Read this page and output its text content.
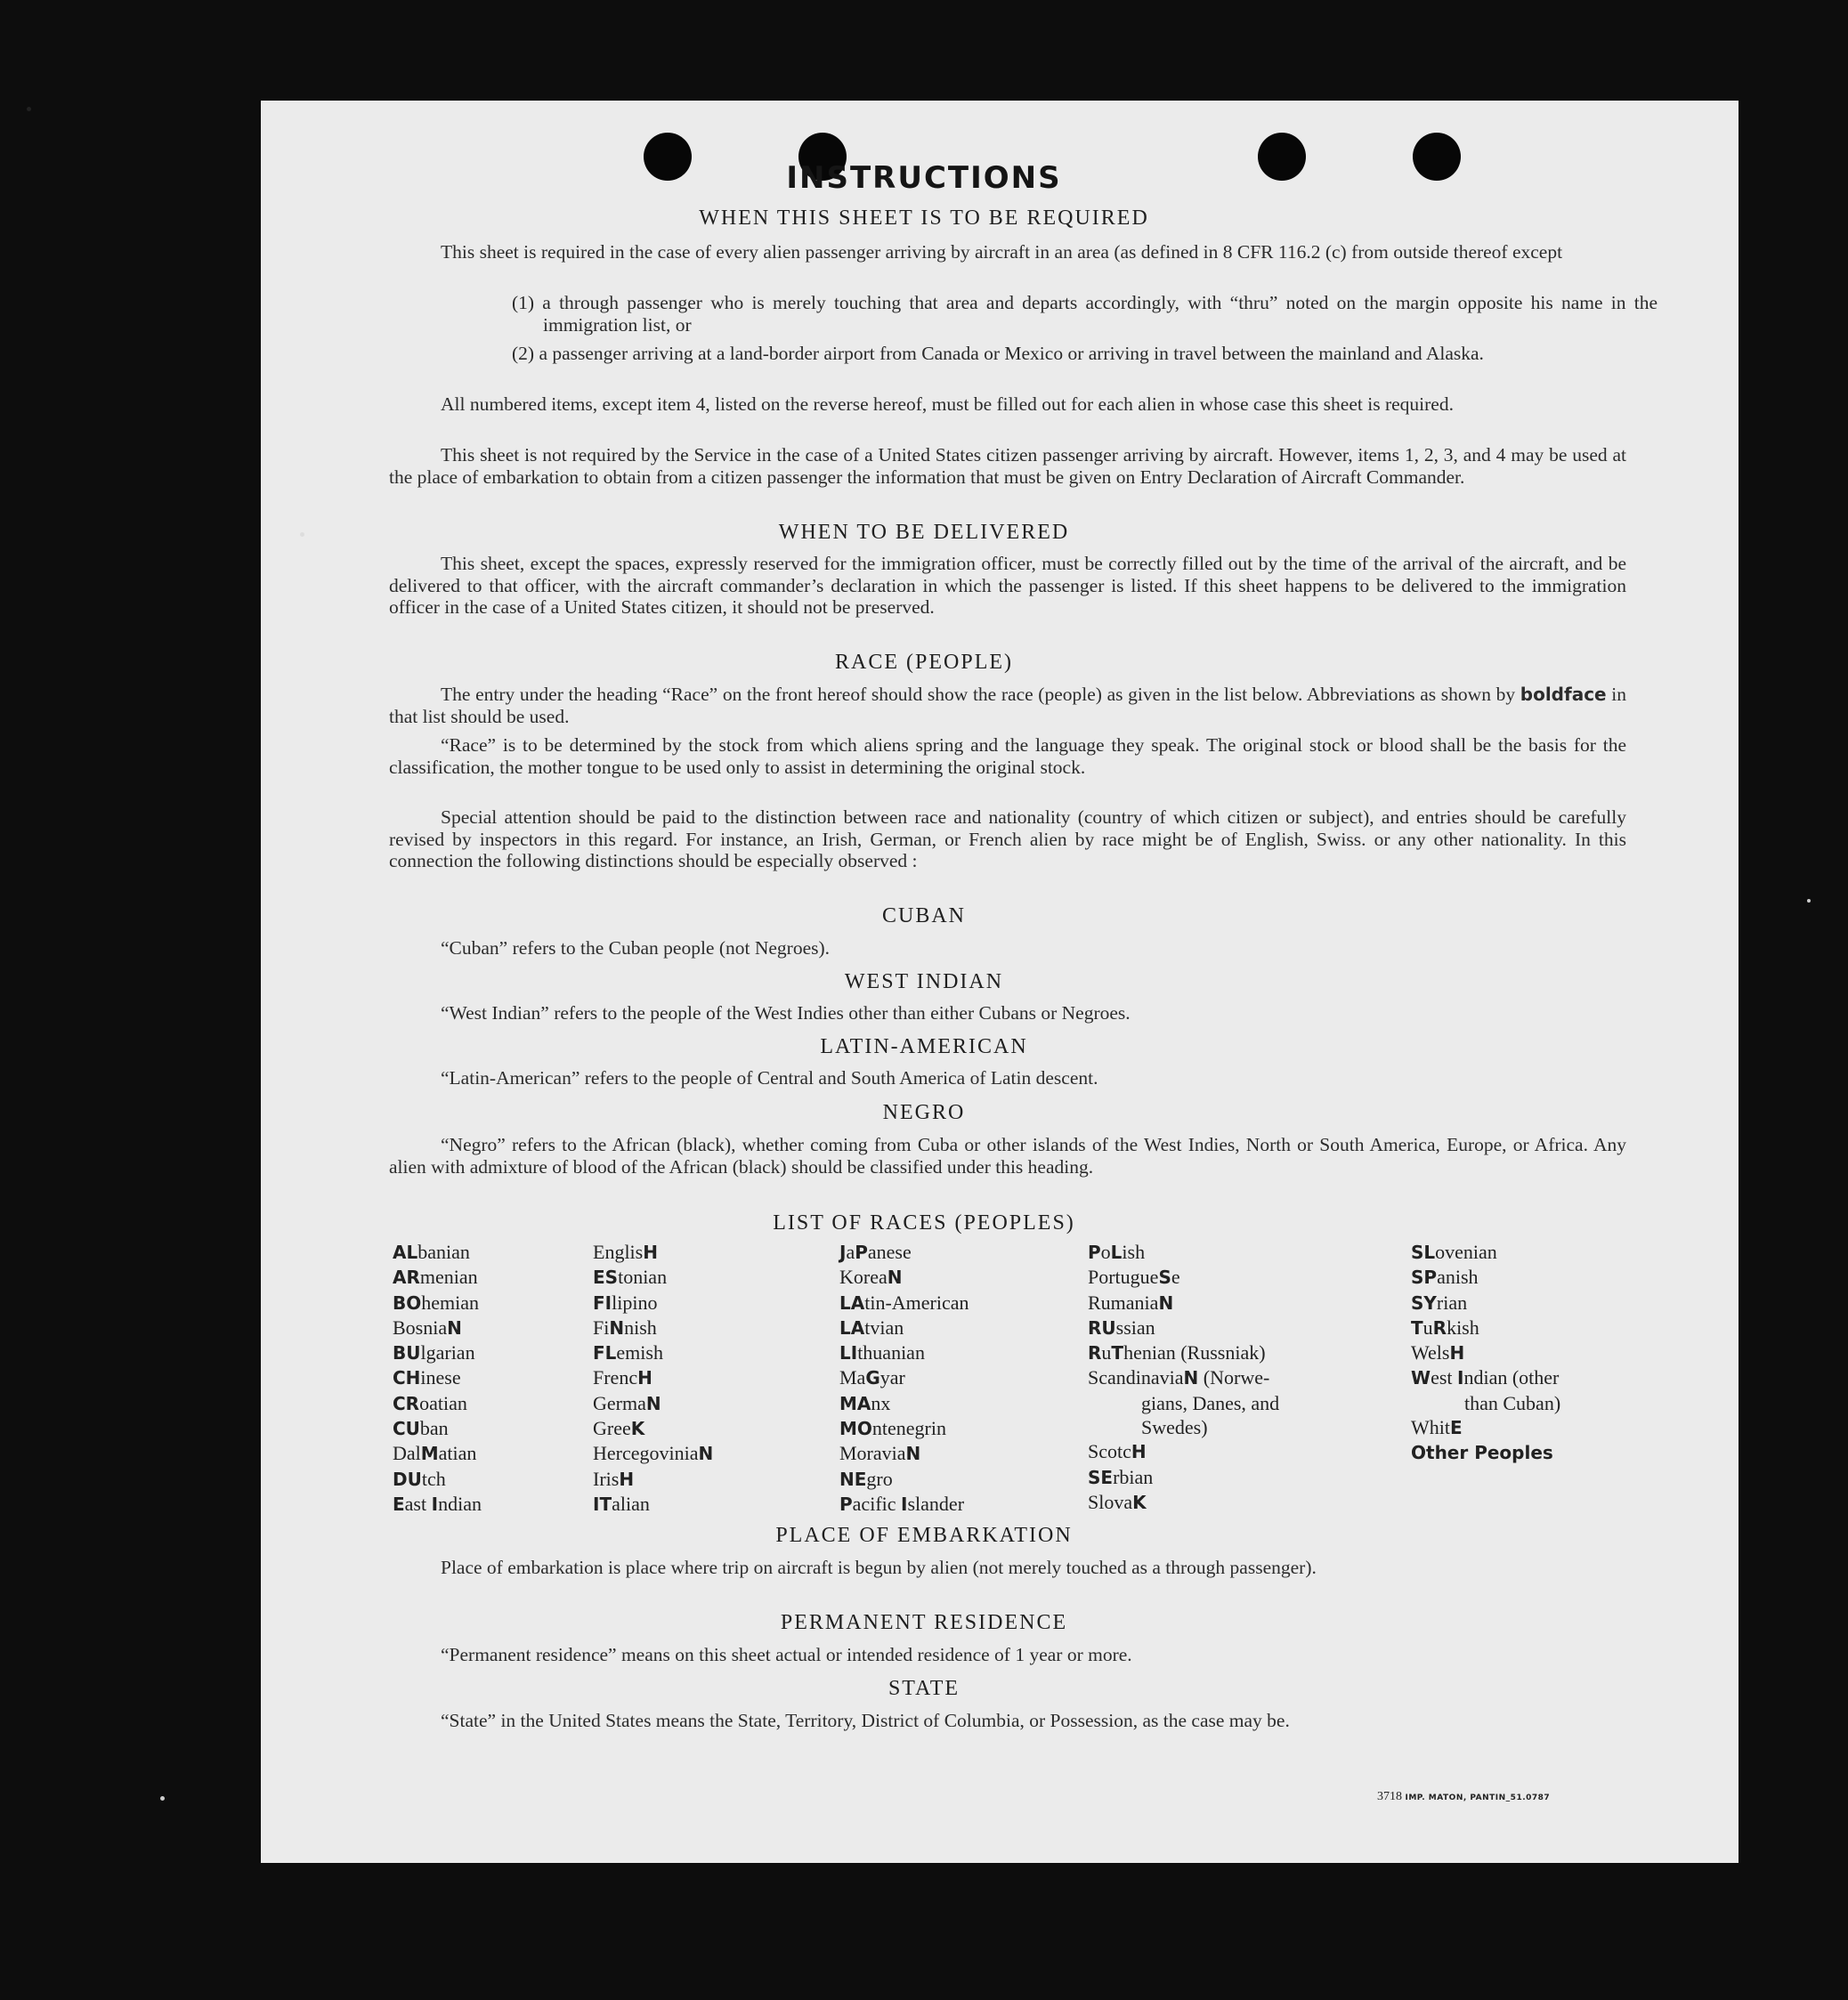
INSTRUCTIONS
WHEN THIS SHEET IS TO BE REQUIRED
This sheet is required in the case of every alien passenger arriving by aircraft in an area (as defined in 8 CFR 116.2 (c) from outside thereof except
(1) a through passenger who is merely touching that area and departs accordingly, with “thru” noted on the margin opposite his name in the immigration list, or
(2) a passenger arriving at a land-border airport from Canada or Mexico or arriving in travel between the mainland and Alaska.
All numbered items, except item 4, listed on the reverse hereof, must be filled out for each alien in whose case this sheet is required.
This sheet is not required by the Service in the case of a United States citizen passenger arriving by aircraft. However, items 1, 2, 3, and 4 may be used at the place of embarkation to obtain from a citizen passenger the information that must be given on Entry Declaration of Aircraft Commander.
WHEN TO BE DELIVERED
This sheet, except the spaces, expressly reserved for the immigration officer, must be correctly filled out by the time of the arrival of the aircraft, and be delivered to that officer, with the aircraft commander’s declaration in which the passenger is listed. If this sheet happens to be delivered to the immigration officer in the case of a United States citizen, it should not be preserved.
RACE (PEOPLE)
The entry under the heading “Race” on the front hereof should show the race (people) as given in the list below. Abbreviations as shown by boldface in that list should be used.
“Race” is to be determined by the stock from which aliens spring and the language they speak. The original stock or blood shall be the basis for the classification, the mother tongue to be used only to assist in determining the original stock.
Special attention should be paid to the distinction between race and nationality (country of which citizen or subject), and entries should be carefully revised by inspectors in this regard. For instance, an Irish, German, or French alien by race might be of English, Swiss. or any other nationality. In this connection the following distinctions should be especially observed :
CUBAN
“Cuban” refers to the Cuban people (not Negroes).
WEST INDIAN
“West Indian” refers to the people of the West Indies other than either Cubans or Negroes.
LATIN-AMERICAN
“Latin-American” refers to the people of Central and South America of Latin descent.
NEGRO
“Negro” refers to the African (black), whether coming from Cuba or other islands of the West Indies, North or South America, Europe, or Africa. Any alien with admixture of blood of the African (black) should be classified under this heading.
LIST OF RACES (PEOPLES)
ALbanian
ARmenian
BOhemian
BosniaN
BUlgarian
CHinese
CRoatian
CUban
DalMatian
DUtch
East Indian
EnglisH
EStonian
FIlipino
FiNnish
FLemish
FrencH
GermaN
GreeK
HercegoviniaN
IrisH
ITalian
JaPanese
KoreaN
LAtin-American
LAtvian
LIthuanian
MaGyar
MAnx
MOntenegrin
MoraviaN
NEgro
Pacific Islander
PoLish
PortugueSe
RumaniaN
RUssian
RuThenian (Russniak)
ScandinaviaN (Norwe-
gians, Danes, and
Swedes)
ScotcH
SErbian
SlovaK
SLovenian
SPanish
SYrian
TuRkish
WelsH
West Indian (other
than Cuban)
WhitE
Other Peoples
PLACE OF EMBARKATION
Place of embarkation is place where trip on aircraft is begun by alien (not merely touched as a through passenger).
PERMANENT RESIDENCE
“Permanent residence” means on this sheet actual or intended residence of 1 year or more.
STATE
“State” in the United States means the State, Territory, District of Columbia, or Possession, as the case may be.
3718 IMP. MATON, PANTIN_51.0787
